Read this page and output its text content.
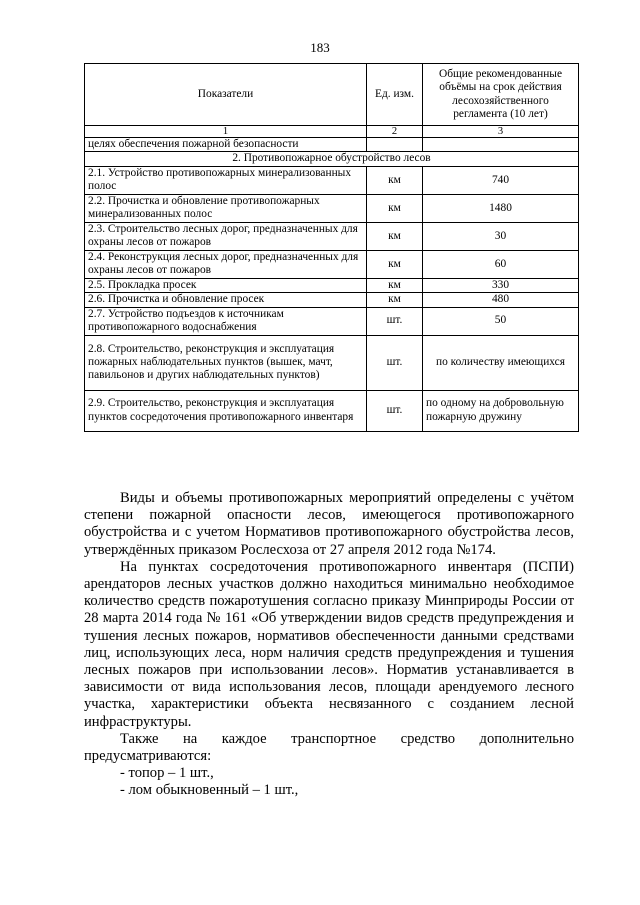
183
Показатели	Ед. изм.	Общие рекомендованные объёмы на срок действия лесохозяйственного регламента (10 лет)
1	2	3
целях обеспечения пожарной безопасности		
2. Противопожарное обустройство лесов		
2.1. Устройство противопожарных минерализованных полос	км	740
2.2. Прочистка и обновление противопожарных минерализованных полос	км	1480
2.3. Строительство лесных дорог, предназначенных для охраны лесов от пожаров	км	30
2.4. Реконструкция лесных дорог, предназначенных для охраны лесов от пожаров	км	60
2.5. Прокладка просек	км	330
2.6. Прочистка и обновление просек	км	480
2.7. Устройство подъездов к источникам противопожарного водоснабжения	шт.	50
2.8. Строительство, реконструкция и эксплуатация пожарных наблюдательных пунктов (вышек, мачт, павильонов и других наблюдательных пунктов)	шт.	по количеству имеющихся
2.9. Строительство, реконструкция и эксплуатация пунктов сосредоточения противопожарного инвентаря	шт.	по одному на добровольную пожарную дружину

Виды и объемы противопожарных мероприятий определены с учётом степени пожарной опасности лесов, имеющегося противопожарного обустройства и с учетом Нормативов противопожарного обустройства лесов, утверждённых приказом Рослесхоза от 27 апреля 2012 года №174.

На пунктах сосредоточения противопожарного инвентаря (ПСПИ) арендаторов лесных участков должно находиться минимально необходимое количество средств пожаротушения согласно приказу Минприроды России от 28 марта 2014 года № 161 «Об утверждении видов средств предупреждения и тушения лесных пожаров, нормативов обеспеченности данными средствами лиц, использующих леса, норм наличия средств предупреждения и тушения лесных пожаров при использовании лесов». Норматив устанавливается в зависимости от вида использования лесов, площади арендуемого лесного участка, характеристики объекта несвязанного с созданием лесной инфраструктуры.

Также на каждое транспортное средство дополнительно предусматриваются:

- топор – 1 шт.,

- лом обыкновенный – 1 шт.,
